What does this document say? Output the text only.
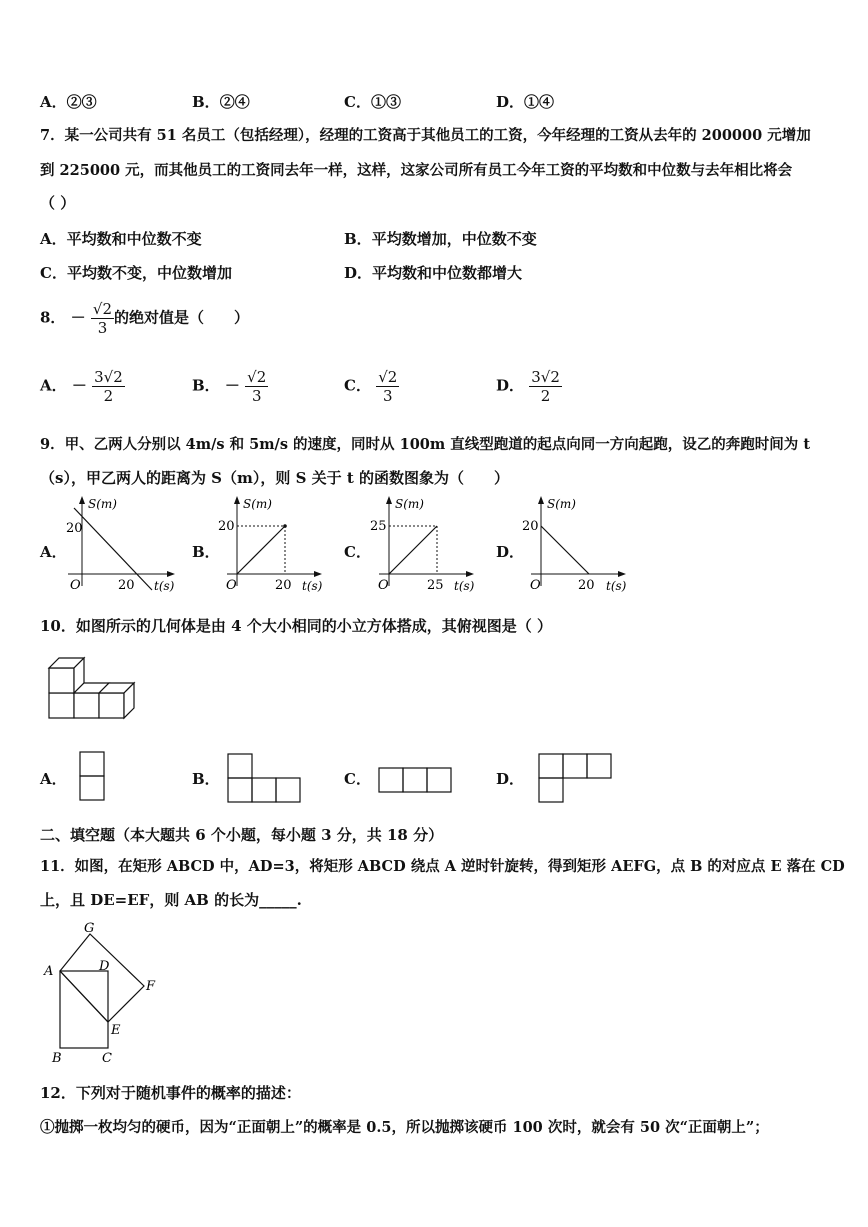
A．②③	B．②④	C．①③	D．①④
7．某一公司共有 51 名员工（包括经理），经理的工资高于其他员工的工资，今年经理的工资从去年的 200000 元增加
到 225000 元，而其他员工的工资同去年一样，这样，这家公司所有员工今年工资的平均数和中位数与去年相比将会
（ ）
A．平均数和中位数不变	B．平均数增加，中位数不变
C．平均数不变，中位数增加	D．平均数和中位数都增大
8． － $\frac{√2}{3}$ 的绝对值是（　　）
A． － $\frac{3√2}{2}$	B． － $\frac{√2}{3}$	C． $\frac{√2}{3}$	D． $\frac{3√2}{2}$
9．甲、乙两人分别以 4m/s 和 5m/s 的速度，同时从 100m 直线型跑道的起点向同一方向起跑，设乙的奔跑时间为 t
（s），甲乙两人的距离为 S（m），则 S 关于 t 的函数图象为（　　）
A．
S(m)
20
O	20 t(s)
B．
S(m)
20
O	20 t(s)
C．
S(m)
25
O	25 t(s)
D．
S(m)
20
O	20 t(s)
10．如图所示的几何体是由 4 个大小相同的小立方体搭成，其俯视图是（ ）
A．	B．	C．	D．
二、填空题（本大题共 6 个小题，每小题 3 分，共 18 分）
11．如图，在矩形 ABCD 中，AD=3，将矩形 ABCD 绕点 A 逆时针旋转，得到矩形 AEFG，点 B 的对应点 E 落在 CD
上，且 DE=EF，则 AB 的长为_____.
G
A	D
F
E
B	C
12．下列对于随机事件的概率的描述：
①抛掷一枚均匀的硬币，因为“正面朝上”的概率是 0.5，所以抛掷该硬币 100 次时，就会有 50 次“正面朝上”；
